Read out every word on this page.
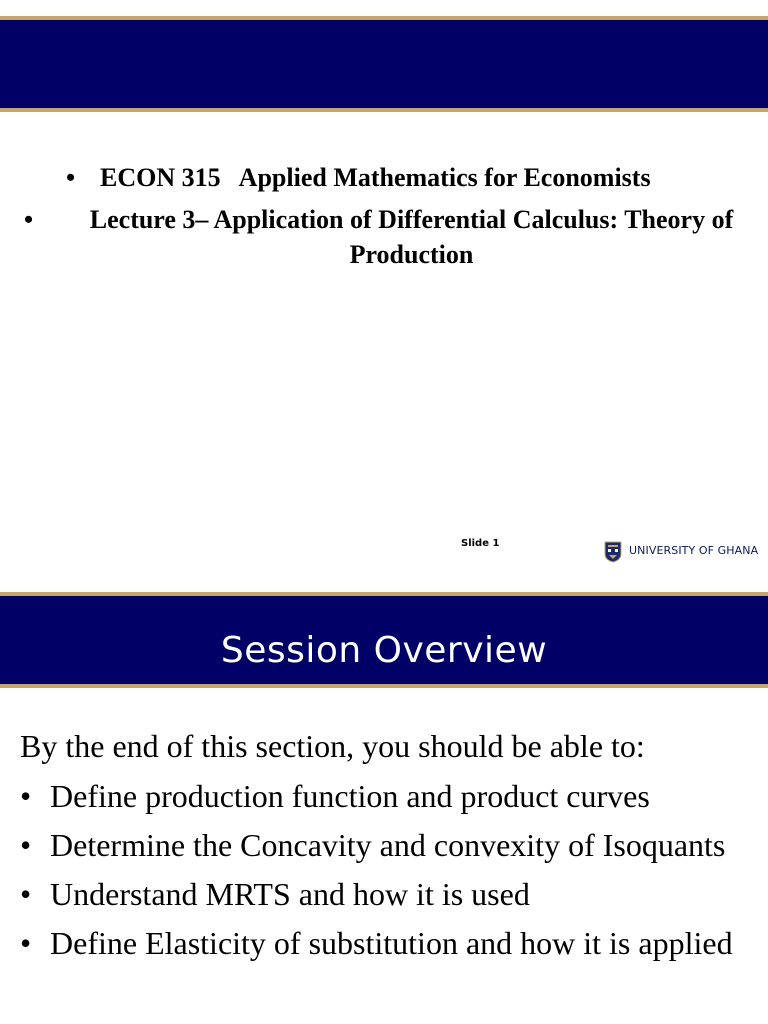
• ECON 315   Applied Mathematics for Economists
• Lecture 3– Application of Differential Calculus: Theory of Production
Slide 1
UNIVERSITY OF GHANA
Session Overview
By the end of this section, you should be able to:
• Define production function and product curves
• Determine the Concavity and convexity of Isoquants
• Understand MRTS and how it is used
• Define Elasticity of substitution and how it is applied
